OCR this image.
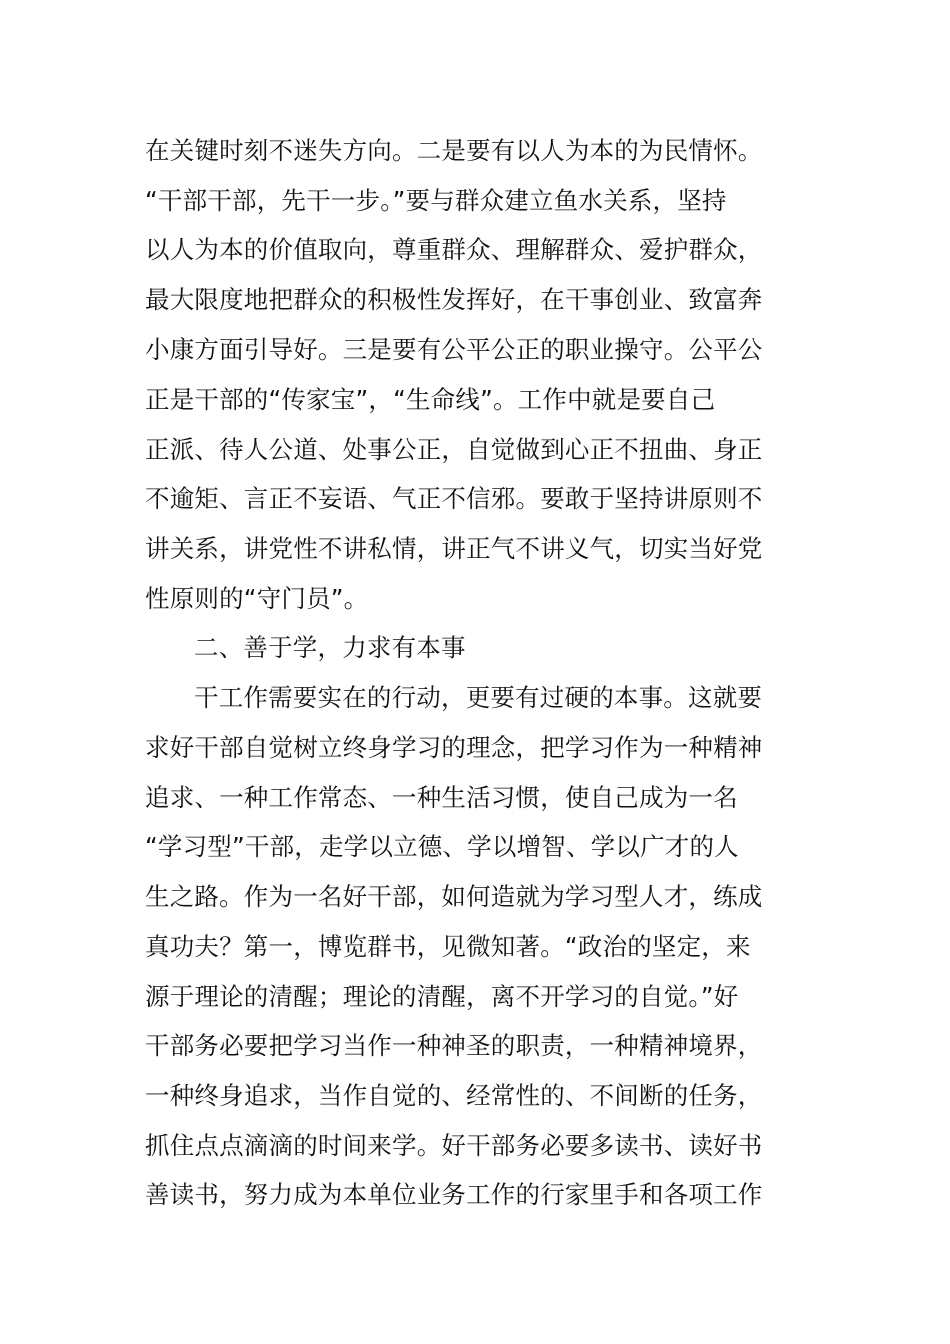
在关键时刻不迷失方向。二是要有以人为本的为民情怀。
“干部干部，先干一步。”要与群众建立鱼水关系，坚持
以人为本的价值取向，尊重群众、理解群众、爱护群众，
最大限度地把群众的积极性发挥好，在干事创业、致富奔
小康方面引导好。三是要有公平公正的职业操守。公平公
正是干部的“传家宝”，“生命线”。工作中就是要自己
正派、待人公道、处事公正，自觉做到心正不扭曲、身正
不逾矩、言正不妄语、气正不信邪。要敢于坚持讲原则不
讲关系，讲党性不讲私情，讲正气不讲义气，切实当好党
性原则的“守门员”。
二、善于学，力求有本事
干工作需要实在的行动，更要有过硬的本事。这就要
求好干部自觉树立终身学习的理念，把学习作为一种精神
追求、一种工作常态、一种生活习惯，使自己成为一名
“学习型”干部，走学以立德、学以增智、学以广才的人
生之路。作为一名好干部，如何造就为学习型人才，练成
真功夫？第一，博览群书，见微知著。“政治的坚定，来
源于理论的清醒；理论的清醒，离不开学习的自觉。”好
干部务必要把学习当作一种神圣的职责，一种精神境界，
一种终身追求，当作自觉的、经常性的、不间断的任务，
抓住点点滴滴的时间来学。好干部务必要多读书、读好书
善读书，努力成为本单位业务工作的行家里手和各项工作
